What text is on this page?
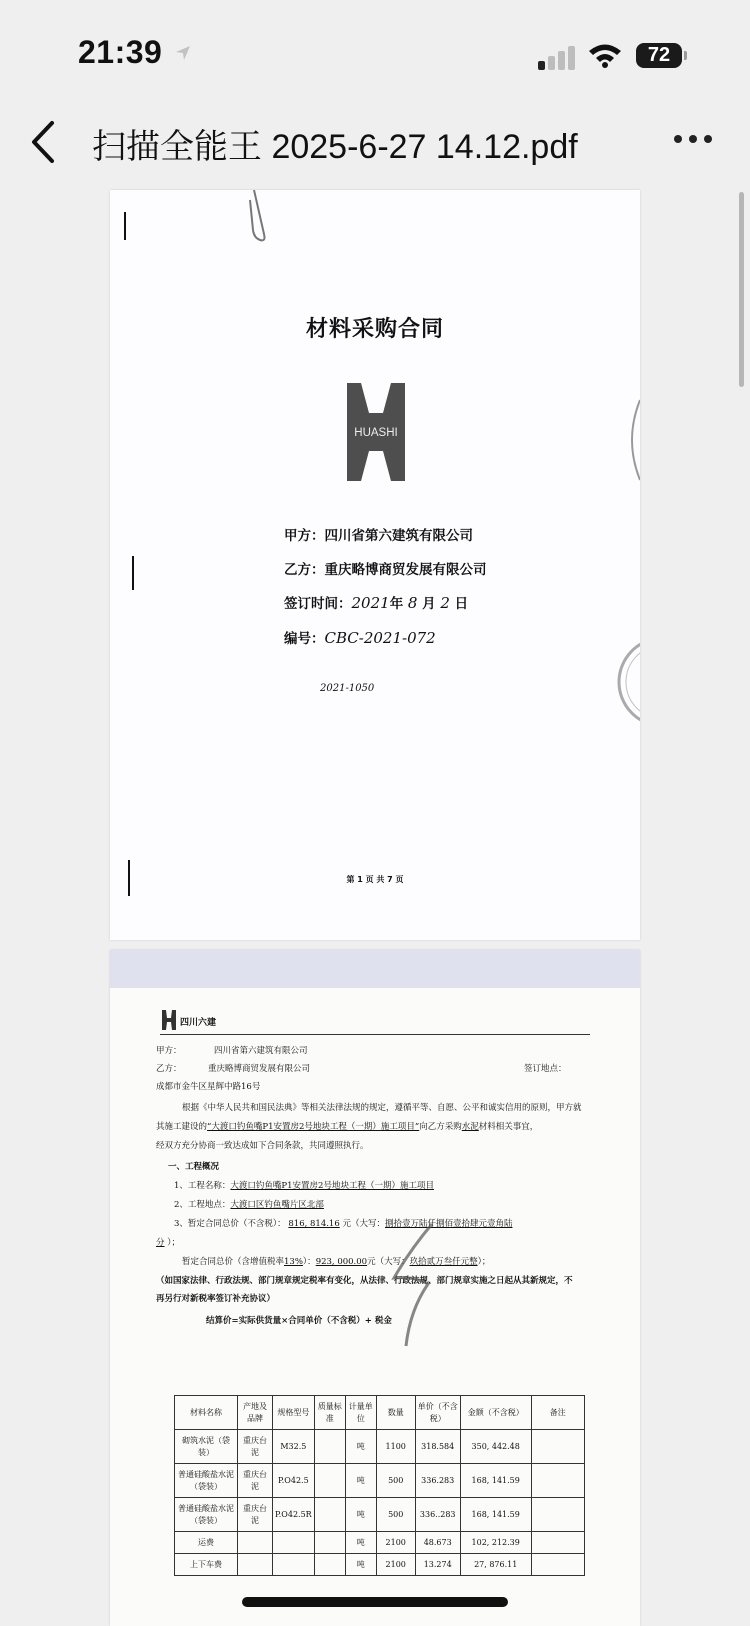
21:39	72
扫描全能王 2025-6-27 14.12.pdf
材料采购合同
HUASHI
甲方：四川省第六建筑有限公司
乙方：重庆略博商贸发展有限公司
签订时间：2021年 8 月 2 日
编号：CBC-2021-072
2021-1050
第 1 页 共 7 页
四川六建
甲方：	四川省第六建筑有限公司
乙方：	重庆略博商贸发展有限公司	签订地点：
成都市金牛区星辉中路16号
根据《中华人民共和国民法典》等相关法律法规的规定，遵循平等、自愿、公平和诚实信用的原则，甲方就
其施工建设的“大渡口钓鱼嘴P1安置房2号地块工程（一期）施工项目”向乙方采购水泥材料相关事宜，
经双方充分协商一致达成如下合同条款，共同遵照执行。
一、工程概况
1、工程名称：大渡口钓鱼嘴P1安置房2号地块工程（一期）施工项目
2、工程地点：大渡口区钓鱼嘴片区北部
3、暂定合同总价（不含税）： 816, 814.16 元（大写：捌拾壹万陆仟捌佰壹拾肆元壹角陆
分 ）；
暂定合同总价（含增值税率13%）：923, 000.00元（大写：玖拾贰万叁仟元整）；
（如国家法律、行政法规、部门规章规定税率有变化，从法律、行政法规、部门规章实施之日起从其新规定，不
再另行对新税率签订补充协议）
结算价=实际供货量×合同单价（不含税）+ 税金
材料名称	产地及品牌	规格型号	质量标准	计量单位	数量	单价（不含税）	金额（不含税）	备注
砌筑水泥（袋装）	重庆台泥	M32.5		吨	1100	318.584	350, 442.48	
普通硅酸盐水泥（袋装）	重庆台泥	P.O42.5		吨	500	336.283	168, 141.59	
普通硅酸盐水泥（袋装）	重庆台泥	P.O42.5R		吨	500	336..283	168, 141.59	
运费				吨	2100	48.673	102, 212.39	
上下车费				吨	2100	13.274	27, 876.11	
